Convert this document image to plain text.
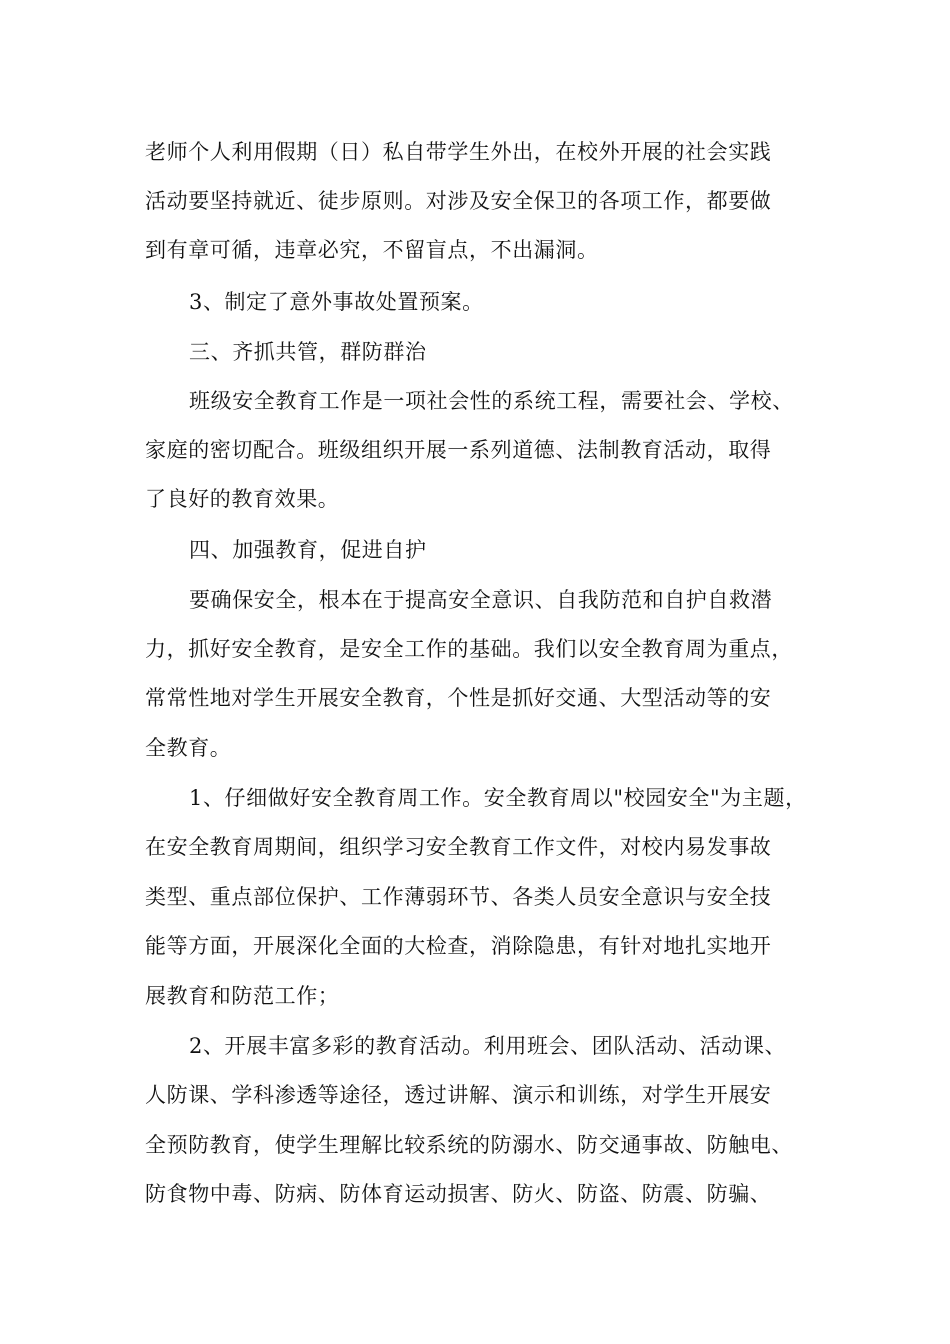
老师个人利用假期（日）私自带学生外出，在校外开展的社会实践
活动要坚持就近、徒步原则。对涉及安全保卫的各项工作，都要做
到有章可循，违章必究，不留盲点，不出漏洞。
3、制定了意外事故处置预案。
三、齐抓共管，群防群治
班级安全教育工作是一项社会性的系统工程，需要社会、学校、
家庭的密切配合。班级组织开展一系列道德、法制教育活动，取得
了良好的教育效果。
四、加强教育，促进自护
要确保安全，根本在于提高安全意识、自我防范和自护自救潜
力，抓好安全教育，是安全工作的基础。我们以安全教育周为重点，
常常性地对学生开展安全教育，个性是抓好交通、大型活动等的安
全教育。
1、仔细做好安全教育周工作。安全教育周以"校园安全"为主题，
在安全教育周期间，组织学习安全教育工作文件，对校内易发事故
类型、重点部位保护、工作薄弱环节、各类人员安全意识与安全技
能等方面，开展深化全面的大检查，消除隐患，有针对地扎实地开
展教育和防范工作；
2、开展丰富多彩的教育活动。利用班会、团队活动、活动课、
人防课、学科渗透等途径，透过讲解、演示和训练，对学生开展安
全预防教育，使学生理解比较系统的防溺水、防交通事故、防触电、
防食物中毒、防病、防体育运动损害、防火、防盗、防震、防骗、
